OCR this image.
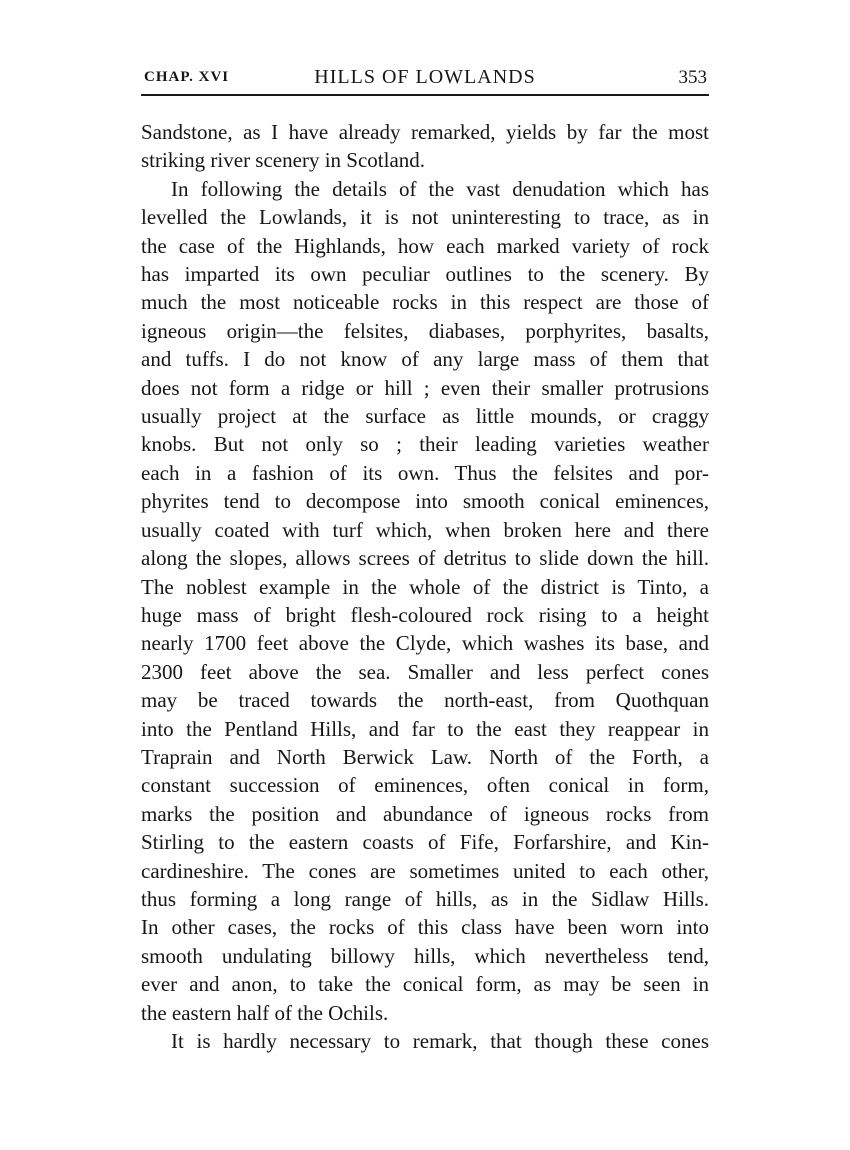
CHAP. XVI	HILLS OF LOWLANDS	353
Sandstone, as I have already remarked, yields by far the most
striking river scenery in Scotland.
In following the details of the vast denudation which has
levelled the Lowlands, it is not uninteresting to trace, as in
the case of the Highlands, how each marked variety of rock
has imparted its own peculiar outlines to the scenery. By
much the most noticeable rocks in this respect are those of
igneous origin—the felsites, diabases, porphyrites, basalts,
and tuffs. I do not know of any large mass of them that
does not form a ridge or hill ; even their smaller protrusions
usually project at the surface as little mounds, or craggy
knobs. But not only so ; their leading varieties weather
each in a fashion of its own. Thus the felsites and por-
phyrites tend to decompose into smooth conical eminences,
usually coated with turf which, when broken here and there
along the slopes, allows screes of detritus to slide down the hill.
The noblest example in the whole of the district is Tinto, a
huge mass of bright flesh-coloured rock rising to a height
nearly 1700 feet above the Clyde, which washes its base, and
2300 feet above the sea. Smaller and less perfect cones
may be traced towards the north-east, from Quothquan
into the Pentland Hills, and far to the east they reappear in
Traprain and North Berwick Law. North of the Forth, a
constant succession of eminences, often conical in form,
marks the position and abundance of igneous rocks from
Stirling to the eastern coasts of Fife, Forfarshire, and Kin-
cardineshire. The cones are sometimes united to each other,
thus forming a long range of hills, as in the Sidlaw Hills.
In other cases, the rocks of this class have been worn into
smooth undulating billowy hills, which nevertheless tend,
ever and anon, to take the conical form, as may be seen in
the eastern half of the Ochils.
It is hardly necessary to remark, that though these cones
